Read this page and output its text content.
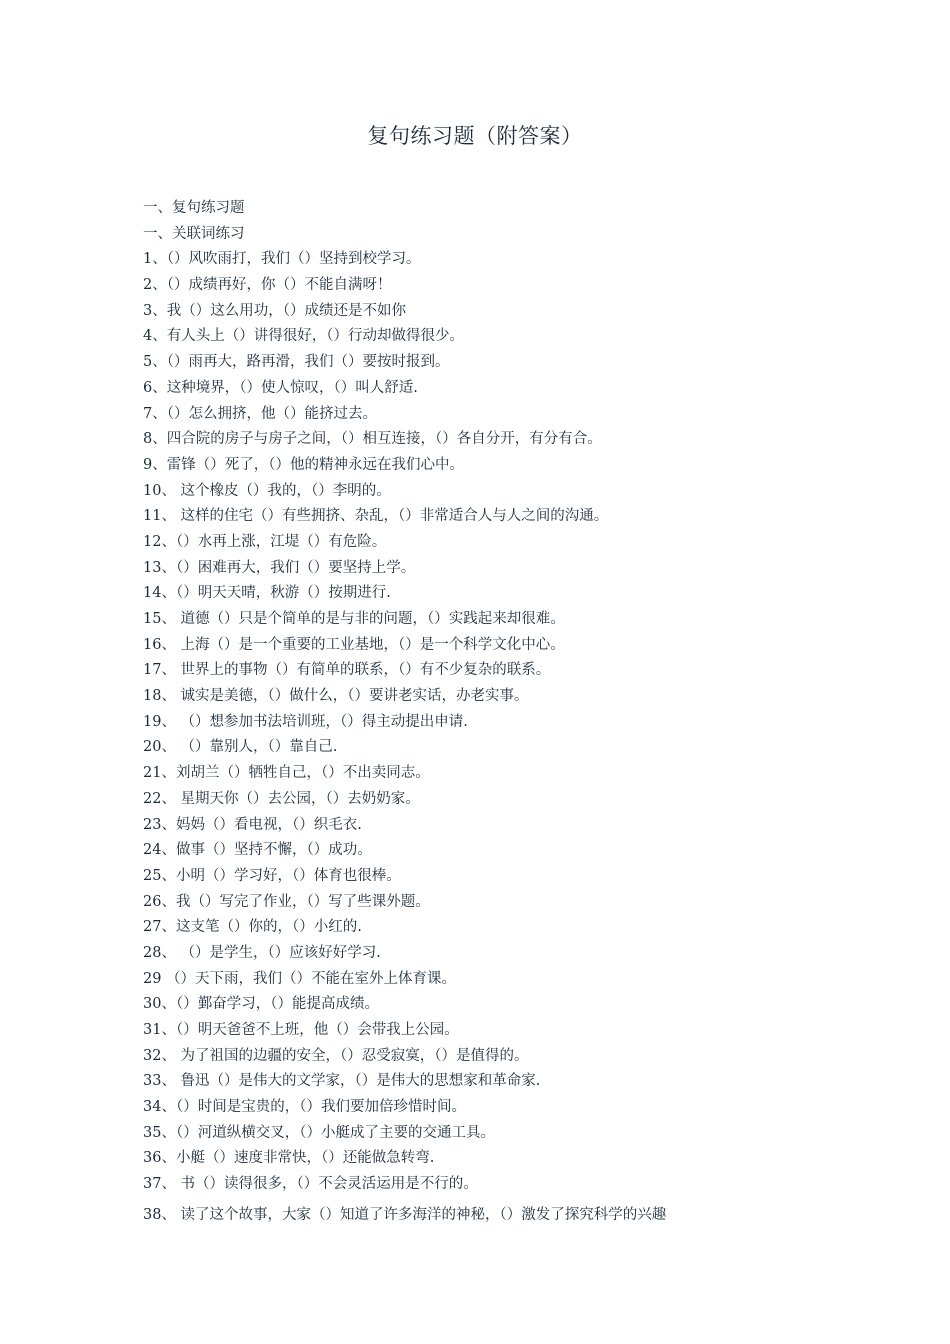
复句练习题（附答案）
一、复句练习题
一、关联词练习
1、（）风吹雨打，我们（）坚持到校学习。
2、（）成绩再好，你（）不能自满呀！
3、我（）这么用功，（）成绩还是不如你
4、有人头上（）讲得很好，（）行动却做得很少。
5、（）雨再大，路再滑，我们（）要按时报到。
6、这种境界，（）使人惊叹，（）叫人舒适.
7、（）怎么拥挤，他（）能挤过去。
8、四合院的房子与房子之间，（）相互连接，（）各自分开，有分有合。
9、雷锋（）死了，（）他的精神永远在我们心中。
10、 这个橡皮（）我的，（）李明的。
11、 这样的住宅（）有些拥挤、杂乱，（）非常适合人与人之间的沟通。
12、（）水再上涨，江堤（）有危险。
13、（）困难再大，我们（）要坚持上学。
14、（）明天天晴，秋游（）按期进行.
15、 道德（）只是个简单的是与非的问题，（）实践起来却很难。
16、 上海（）是一个重要的工业基地，（）是一个科学文化中心。
17、 世界上的事物（）有简单的联系，（）有不少复杂的联系。
18、 诚实是美德，（）做什么，（）要讲老实话，办老实事。
19、 （）想参加书法培训班，（）得主动提出申请.
20、 （）靠别人，（）靠自己.
21、刘胡兰（）牺牲自己，（）不出卖同志。
22、 星期天你（）去公园，（）去奶奶家。
23、妈妈（）看电视，（）织毛衣.
24、做事（）坚持不懈，（）成功。
25、小明（）学习好，（）体育也很棒。
26、我（）写完了作业，（）写了些课外题。
27、这支笔（）你的，（）小红的.
28、 （）是学生，（）应该好好学习.
29 （）天下雨，我们（）不能在室外上体育课。
30、（）鄞奋学习，（）能提高成绩。
31、（）明天爸爸不上班，他（）会带我上公园。
32、 为了祖国的边疆的安全，（）忍受寂寞，（）是值得的。
33、 鲁迅（）是伟大的文学家，（）是伟大的思想家和革命家.
34、（）时间是宝贵的，（）我们要加倍珍惜时间。
35、（）河道纵横交叉，（）小艇成了主要的交通工具。
36、小艇（）速度非常快，（）还能做急转弯.
37、 书（）读得很多，（）不会灵活运用是不行的。
38、 读了这个故事，大家（）知道了许多海洋的神秘，（）激发了探究科学的兴趣
